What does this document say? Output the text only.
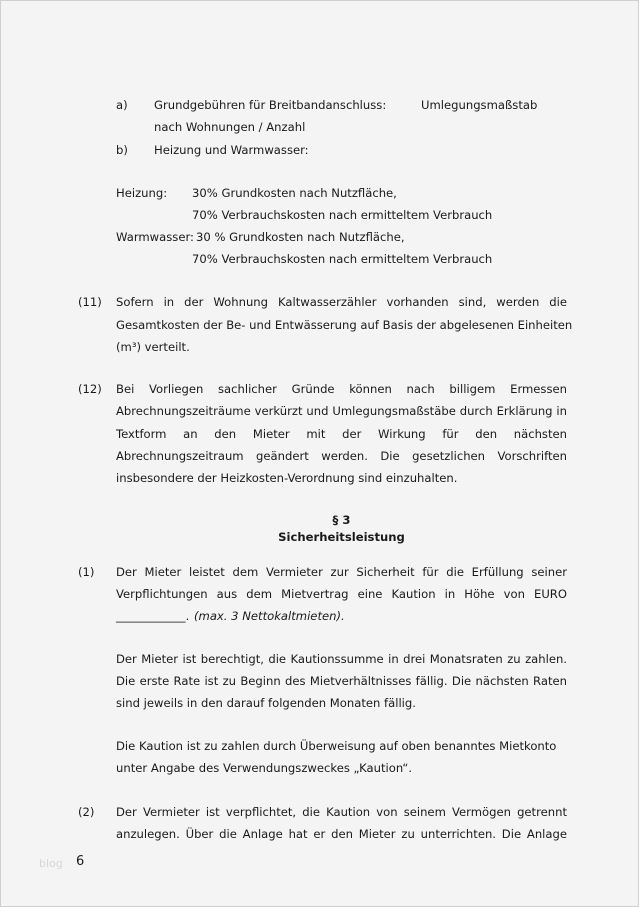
a) Grundgebühren für Breitbandanschluss:	Umlegungsmaßstab
nach Wohnungen / Anzahl
b) Heizung und Warmwasser:
Heizung: 30% Grundkosten nach Nutzfläche,
70% Verbrauchskosten nach ermitteltem Verbrauch
Warmwasser: 30 % Grundkosten nach Nutzfläche,
70% Verbrauchskosten nach ermitteltem Verbrauch
(11) Sofern in der Wohnung Kaltwasserzähler vorhanden sind, werden die
Gesamtkosten der Be- und Entwässerung auf Basis der abgelesenen Einheiten
(m³) verteilt.
(12) Bei Vorliegen sachlicher Gründe können nach billigem Ermessen
Abrechnungszeiträume verkürzt und Umlegungsmaßstäbe durch Erklärung in
Textform an den Mieter mit der Wirkung für den nächsten
Abrechnungszeitraum geändert werden. Die gesetzlichen Vorschriften
insbesondere der Heizkosten-Verordnung sind einzuhalten.
§ 3
Sicherheitsleistung
(1) Der Mieter leistet dem Vermieter zur Sicherheit für die Erfüllung seiner
Verpflichtungen aus dem Mietvertrag eine Kaution in Höhe von EURO
____________. (max. 3 Nettokaltmieten).
Der Mieter ist berechtigt, die Kautionssumme in drei Monatsraten zu zahlen.
Die erste Rate ist zu Beginn des Mietverhältnisses fällig. Die nächsten Raten
sind jeweils in den darauf folgenden Monaten fällig.
Die Kaution ist zu zahlen durch Überweisung auf oben benanntes Mietkonto
unter Angabe des Verwendungszweckes „Kaution“.
(2) Der Vermieter ist verpflichtet, die Kaution von seinem Vermögen getrennt
anzulegen. Über die Anlage hat er den Mieter zu unterrichten. Die Anlage
blog 6
